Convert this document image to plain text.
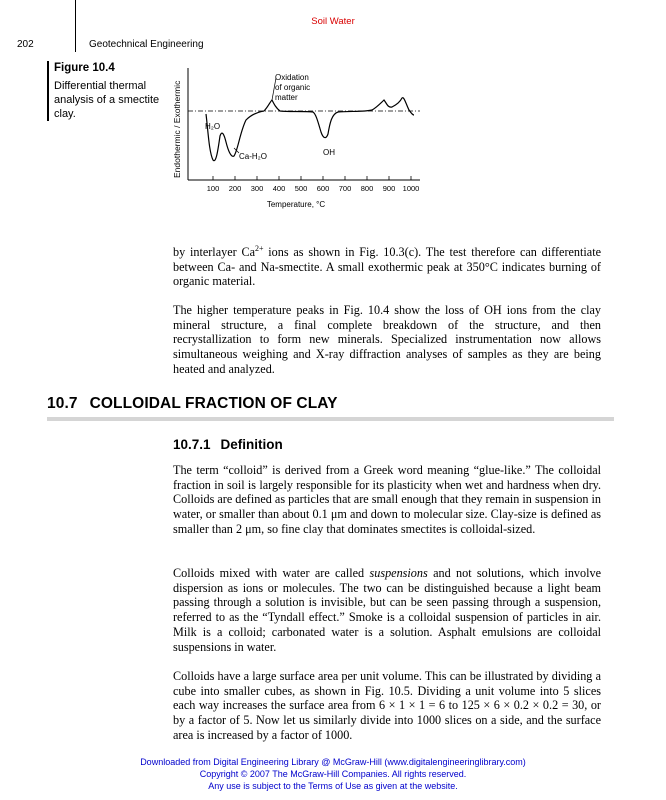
Soil Water
202	Geotechnical Engineering
Figure 10.4
Differential thermal analysis of a smectite clay.	Endothermic / Exothermic
100 200 300 400 500 600 700 800 900 1000
Temperature, °C
Oxidation
of organic
matter
H₂O
Ca-H₂O	OH

by interlayer $Ca^{2+}$ ions as shown in Fig. 10.3(c). The test therefore can differentiate between Ca- and Na-smectite. A small exothermic peak at 350°C indicates burning of organic material.

The higher temperature peaks in Fig. 10.4 show the loss of OH ions from the clay mineral structure, a final complete breakdown of the structure, and then recrystallization to form new minerals. Specialized instrumentation now allows simultaneous weighing and X-ray diffraction analyses of samples as they are being heated and analyzed.

10.7 COLLOIDAL FRACTION OF CLAY
10.7.1 Definition

The term “colloid” is derived from a Greek word meaning “glue-like.” The colloidal fraction in soil is largely responsible for its plasticity when wet and hardness when dry. Colloids are defined as particles that are small enough that they remain in suspension in water, or smaller than about 0.1 μm and down to molecular size. Clay-size is defined as smaller than 2 μm, so fine clay that dominates smectites is colloidal-sized.

Colloids mixed with water are called suspensions and not solutions, which involve dispersion as ions or molecules. The two can be distinguished because a light beam passing through a solution is invisible, but can be seen passing through a suspension, referred to as the “Tyndall effect.” Smoke is a colloidal suspension of particles in air. Milk is a colloid; carbonated water is a solution. Asphalt emulsions are colloidal suspensions in water.

Colloids have a large surface area per unit volume. This can be illustrated by dividing a cube into smaller cubes, as shown in Fig. 10.5. Dividing a unit volume into 5 slices each way increases the surface area from 6 × 1 × 1 = 6 to 125 × 6 × 0.2 × 0.2 = 30, or by a factor of 5. Now let us similarly divide into 1000 slices on a side, and the surface area is increased by a factor of 1000.

Downloaded from Digital Engineering Library @ McGraw-Hill (www.digitalengineeringlibrary.com)
Copyright © 2007 The McGraw-Hill Companies. All rights reserved.
Any use is subject to the Terms of Use as given at the website.
